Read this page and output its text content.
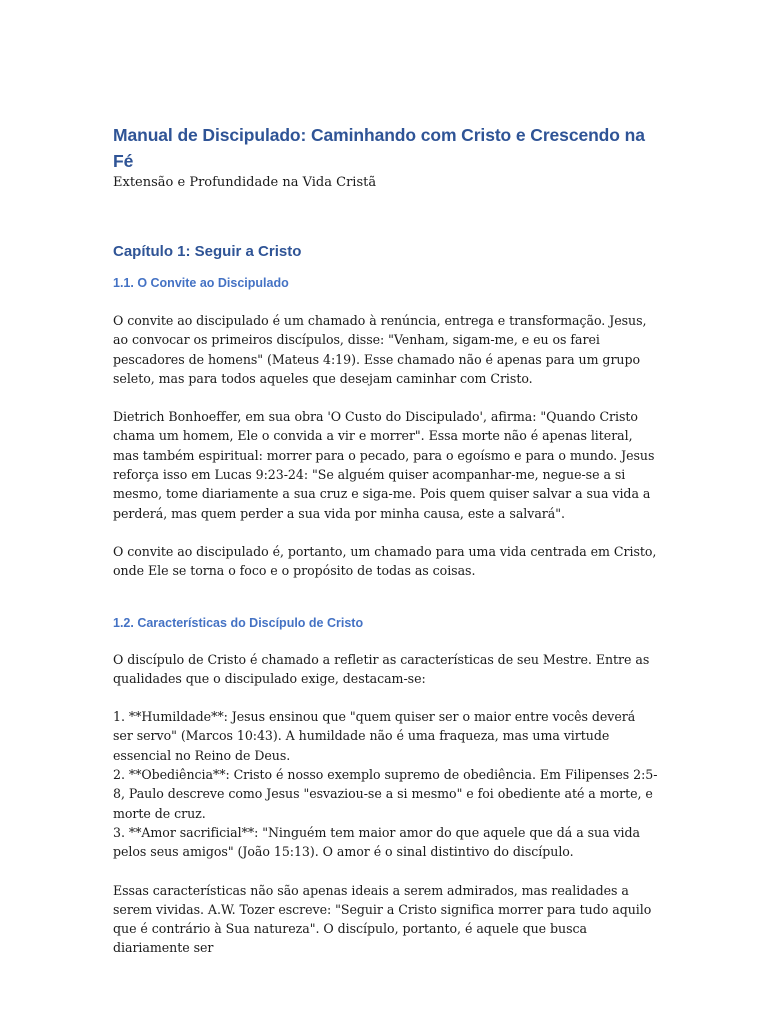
Manual de Discipulado: Caminhando com Cristo e Crescendo na Fé

Extensão e Profundidade na Vida Cristã

Capítulo 1: Seguir a Cristo
1.1. O Convite ao Discipulado

O convite ao discipulado é um chamado à renúncia, entrega e transformação. Jesus, ao convocar os primeiros discípulos, disse: "Venham, sigam-me, e eu os farei pescadores de homens" (Mateus 4:19). Esse chamado não é apenas para um grupo seleto, mas para todos aqueles que desejam caminhar com Cristo.

Dietrich Bonhoeffer, em sua obra 'O Custo do Discipulado', afirma: "Quando Cristo chama um homem, Ele o convida a vir e morrer". Essa morte não é apenas literal, mas também espiritual: morrer para o pecado, para o egoísmo e para o mundo. Jesus reforça isso em Lucas 9:23-24: "Se alguém quiser acompanhar-me, negue-se a si mesmo, tome diariamente a sua cruz e siga-me. Pois quem quiser salvar a sua vida a perderá, mas quem perder a sua vida por minha causa, este a salvará".

O convite ao discipulado é, portanto, um chamado para uma vida centrada em Cristo, onde Ele se torna o foco e o propósito de todas as coisas.

1.2. Características do Discípulo de Cristo

O discípulo de Cristo é chamado a refletir as características de seu Mestre. Entre as qualidades que o discipulado exige, destacam-se:

1. **Humildade**: Jesus ensinou que "quem quiser ser o maior entre vocês deverá ser servo" (Marcos 10:43). A humildade não é uma fraqueza, mas uma virtude essencial no Reino de Deus.
2. **Obediência**: Cristo é nosso exemplo supremo de obediência. Em Filipenses 2:5-8, Paulo descreve como Jesus "esvaziou-se a si mesmo" e foi obediente até a morte, e morte de cruz.
3. **Amor sacrificial**: "Ninguém tem maior amor do que aquele que dá a sua vida pelos seus amigos" (João 15:13). O amor é o sinal distintivo do discípulo.

Essas características não são apenas ideais a serem admirados, mas realidades a serem vividas. A.W. Tozer escreve: "Seguir a Cristo significa morrer para tudo aquilo que é contrário à Sua natureza". O discípulo, portanto, é aquele que busca diariamente ser
